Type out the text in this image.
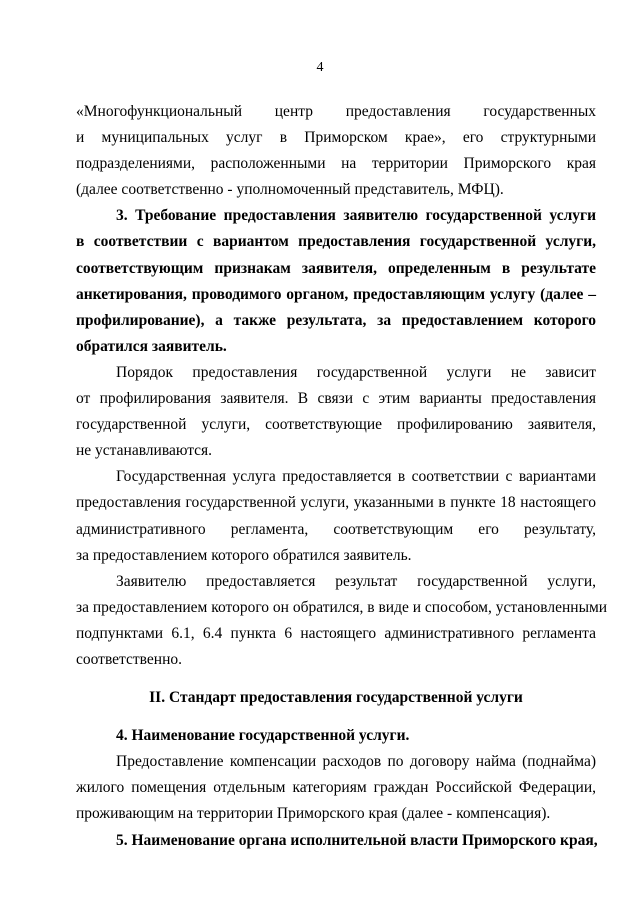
4
«Многофункциональный центр предоставления государственных
и муниципальных услуг в Приморском крае», его структурными
подразделениями, расположенными на территории Приморского края
(далее соответственно - уполномоченный представитель, МФЦ).
3. Требование предоставления заявителю государственной услуги
в соответствии с вариантом предоставления государственной услуги,
соответствующим признакам заявителя, определенным в результате
анкетирования, проводимого органом, предоставляющим услугу (далее –
профилирование), а также результата, за предоставлением которого
обратился заявитель.
Порядок предоставления государственной услуги не зависит
от профилирования заявителя. В связи с этим варианты предоставления
государственной услуги, соответствующие профилированию заявителя,
не устанавливаются.
Государственная услуга предоставляется в соответствии с вариантами
предоставления государственной услуги, указанными в пункте 18 настоящего
административного регламента, соответствующим его результату,
за предоставлением которого обратился заявитель.
Заявителю предоставляется результат государственной услуги,
за предоставлением которого он обратился, в виде и способом, установленными
подпунктами 6.1, 6.4 пункта 6 настоящего административного регламента
соответственно.
II. Стандарт предоставления государственной услуги
4. Наименование государственной услуги.
Предоставление компенсации расходов по договору найма (поднайма)
жилого помещения отдельным категориям граждан Российской Федерации,
проживающим на территории Приморского края (далее - компенсация).
5. Наименование органа исполнительной власти Приморского края,
